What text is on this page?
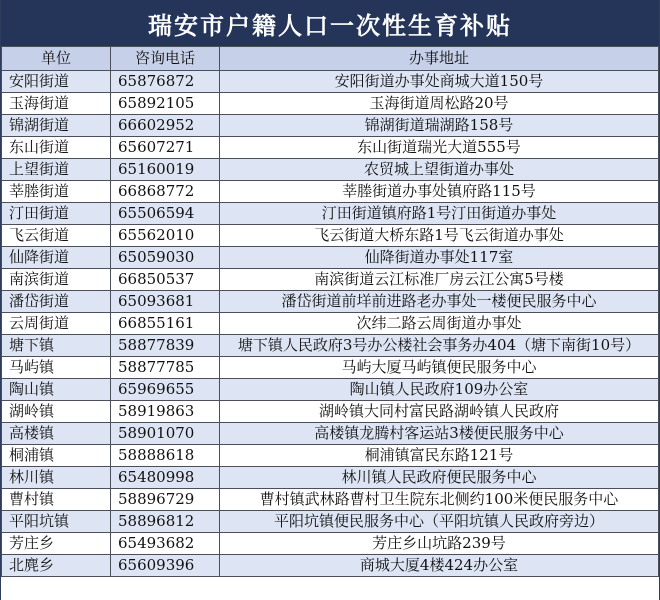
瑞安市户籍人口一次性生育补贴
单位	咨询电话	办事地址
安阳街道	65876872	安阳街道办事处商城大道150号
玉海街道	65892105	玉海街道周松路20号
锦湖街道	66602952	锦湖街道瑞湖路158号
东山街道	65607271	东山街道瑞光大道555号
上望街道	65160019	农贸城上望街道办事处
莘塍街道	66868772	莘塍街道办事处镇府路115号
汀田街道	65506594	汀田街道镇府路1号汀田街道办事处
飞云街道	65562010	飞云街道大桥东路1号飞云街道办事处
仙降街道	65059030	仙降街道办事处117室
南滨街道	66850537	南滨街道云江标准厂房云江公寓5号楼
潘岱街道	65093681	潘岱街道前垟前进路老办事处一楼便民服务中心
云周街道	66855161	次纬二路云周街道办事处
塘下镇	58877839	塘下镇人民政府3号办公楼社会事务办404（塘下南街10号）
马屿镇	58877785	马屿大厦马屿镇便民服务中心
陶山镇	65969655	陶山镇人民政府109办公室
湖岭镇	58919863	湖岭镇大同村富民路湖岭镇人民政府
高楼镇	58901070	高楼镇龙腾村客运站3楼便民服务中心
桐浦镇	58888618	桐浦镇富民东路121号
林川镇	65480998	林川镇人民政府便民服务中心
曹村镇	58896729	曹村镇武林路曹村卫生院东北侧约100米便民服务中心
平阳坑镇	58896812	平阳坑镇便民服务中心（平阳坑镇人民政府旁边）
芳庄乡	65493682	芳庄乡山坑路239号
北麂乡	65609396	商城大厦4楼424办公室
